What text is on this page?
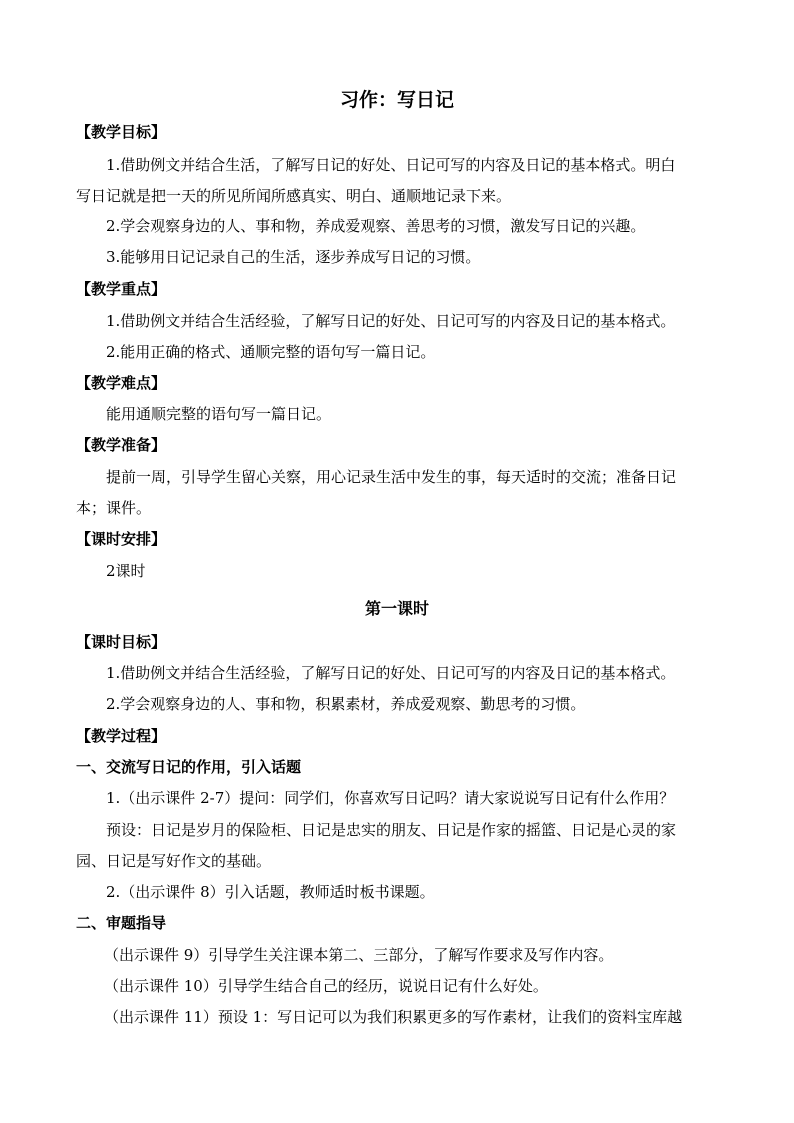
习作：写日记
【教学目标】
1.借助例文并结合生活，了解写日记的好处、日记可写的内容及日记的基本格式。明白
写日记就是把一天的所见所闻所感真实、明白、通顺地记录下来。
2.学会观察身边的人、事和物，养成爱观察、善思考的习惯，激发写日记的兴趣。
3.能够用日记记录自己的生活，逐步养成写日记的习惯。
【教学重点】
1.借助例文并结合生活经验，了解写日记的好处、日记可写的内容及日记的基本格式。
2.能用正确的格式、通顺完整的语句写一篇日记。
【教学难点】
能用通顺完整的语句写一篇日记。
【教学准备】
提前一周，引导学生留心关察，用心记录生活中发生的事，每天适时的交流；准备日记
本；课件。
【课时安排】
2课时
第一课时
【课时目标】
1.借助例文并结合生活经验，了解写日记的好处、日记可写的内容及日记的基本格式。
2.学会观察身边的人、事和物，积累素材，养成爱观察、勤思考的习惯。
【教学过程】
一、交流写日记的作用，引入话题
1.（出示课件 2-7）提问：同学们，你喜欢写日记吗？请大家说说写日记有什么作用？
预设：日记是岁月的保险柜、日记是忠实的朋友、日记是作家的摇篮、日记是心灵的家
园、日记是写好作文的基础。
2.（出示课件 8）引入话题，教师适时板书课题。
二、审题指导
（出示课件 9）引导学生关注课本第二、三部分，了解写作要求及写作内容。
（出示课件 10）引导学生结合自己的经历，说说日记有什么好处。
（出示课件 11）预设 1：写日记可以为我们积累更多的写作素材，让我们的资料宝库越
